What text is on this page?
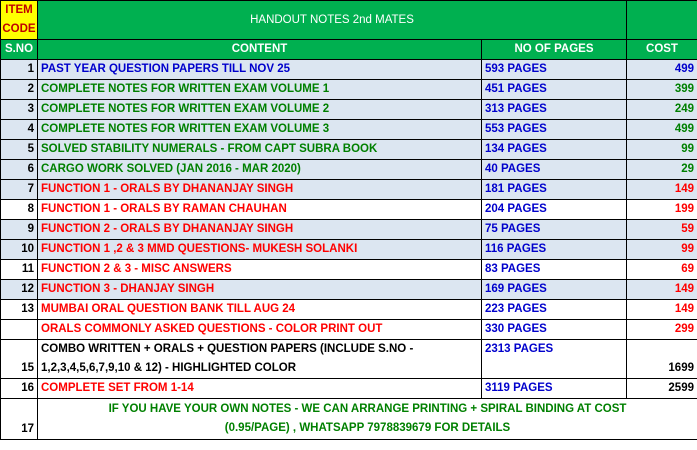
ITEM CODE	HANDOUT NOTES 2nd MATES		
S.NO	CONTENT	NO OF PAGES	COST
1	PAST YEAR QUESTION PAPERS TILL NOV 25	593 PAGES	499
2	COMPLETE NOTES FOR WRITTEN EXAM VOLUME 1	451 PAGES	399
3	COMPLETE NOTES FOR WRITTEN EXAM VOLUME 2	313 PAGES	249
4	COMPLETE NOTES FOR WRITTEN EXAM VOLUME 3	553 PAGES	499
5	SOLVED STABILITY NUMERALS - FROM CAPT SUBRA BOOK	134 PAGES	99
6	CARGO WORK SOLVED (JAN 2016 - MAR 2020)	40 PAGES	29
7	FUNCTION 1 - ORALS BY DHANANJAY SINGH	181 PAGES	149
8	FUNCTION 1 - ORALS BY RAMAN CHAUHAN	204 PAGES	199
9	FUNCTION 2 - ORALS BY DHANANJAY SINGH	75 PAGES	59
10	FUNCTION 1 ,2 & 3 MMD QUESTIONS- MUKESH SOLANKI	116 PAGES	99
11	FUNCTION 2 & 3 - MISC ANSWERS	83 PAGES	69
12	FUNCTION 3 - DHANJAY SINGH	169 PAGES	149
13	MUMBAI ORAL QUESTION BANK TILL AUG 24	223 PAGES	149
	ORALS COMMONLY ASKED QUESTIONS - COLOR PRINT OUT	330 PAGES	299
15	COMBO WRITTEN + ORALS + QUESTION PAPERS (INCLUDE S.NO -
1,2,3,4,5,6,7,9,10 & 12) - HIGHLIGHTED COLOR	2313 PAGES	1699
16	COMPLETE SET FROM 1-14	3119 PAGES	2599
17	IF YOU HAVE YOUR OWN NOTES - WE CAN ARRANGE PRINTING + SPIRAL BINDING AT COST
(0.95/PAGE) , WHATSAPP 7978839679 FOR DETAILS		
